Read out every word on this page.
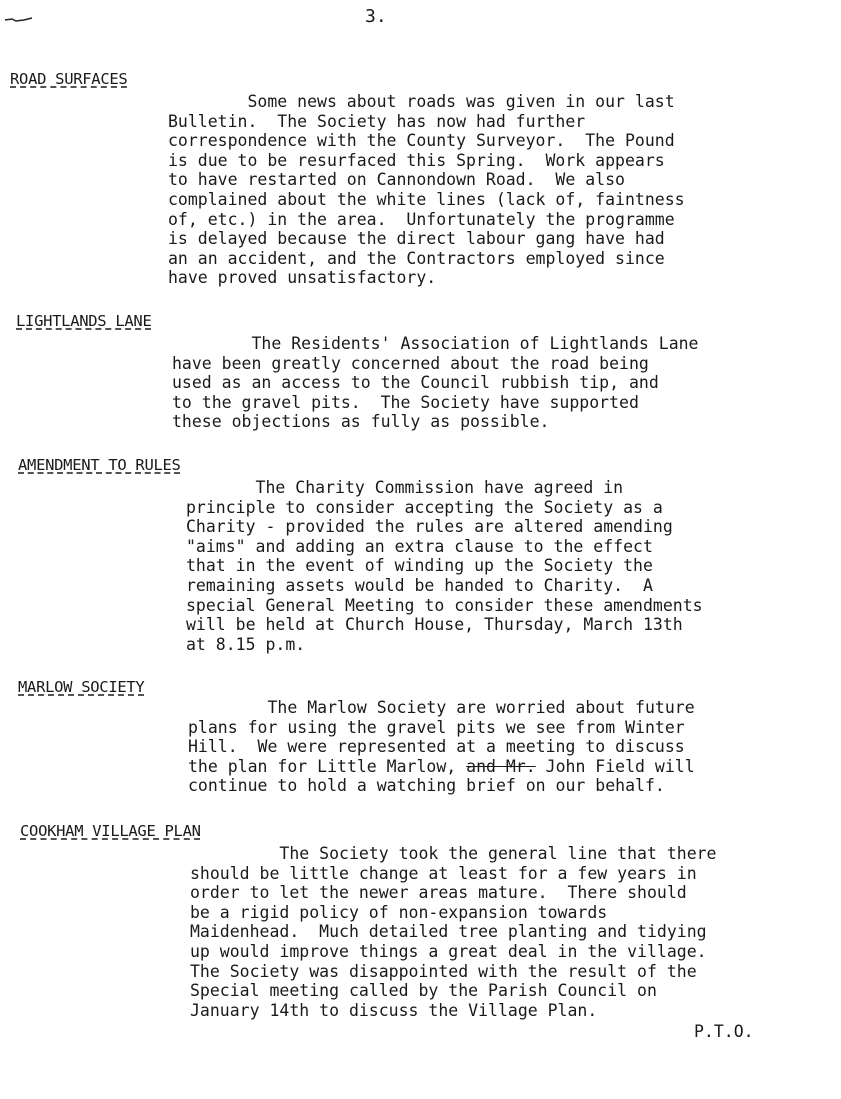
3.
ROAD SURFACES
Some news about roads was given in our last
Bulletin.  The Society has now had further
correspondence with the County Surveyor.  The Pound
is due to be resurfaced this Spring.  Work appears
to have restarted on Cannondown Road.  We also
complained about the white lines (lack of, faintness
of, etc.) in the area.  Unfortunately the programme
is delayed because the direct labour gang have had
an an accident, and the Contractors employed since
have proved unsatisfactory.
LIGHTLANDS LANE
The Residents' Association of Lightlands Lane
have been greatly concerned about the road being
used as an access to the Council rubbish tip, and
to the gravel pits.  The Society have supported
these objections as fully as possible.
AMENDMENT TO RULES
The Charity Commission have agreed in
principle to consider accepting the Society as a
Charity - provided the rules are altered amending
"aims" and adding an extra clause to the effect
that in the event of winding up the Society the
remaining assets would be handed to Charity.  A
special General Meeting to consider these amendments
will be held at Church House, Thursday, March 13th
at 8.15 p.m.
MARLOW SOCIETY
The Marlow Society are worried about future
plans for using the gravel pits we see from Winter
Hill.  We were represented at a meeting to discuss
the plan for Little Marlow, and Mr. John Field will
continue to hold a watching brief on our behalf.
COOKHAM VILLAGE PLAN
The Society took the general line that there
should be little change at least for a few years in
order to let the newer areas mature.  There should
be a rigid policy of non-expansion towards
Maidenhead.  Much detailed tree planting and tidying
up would improve things a great deal in the village.
The Society was disappointed with the result of the
Special meeting called by the Parish Council on
January 14th to discuss the Village Plan.
P.T.O.
